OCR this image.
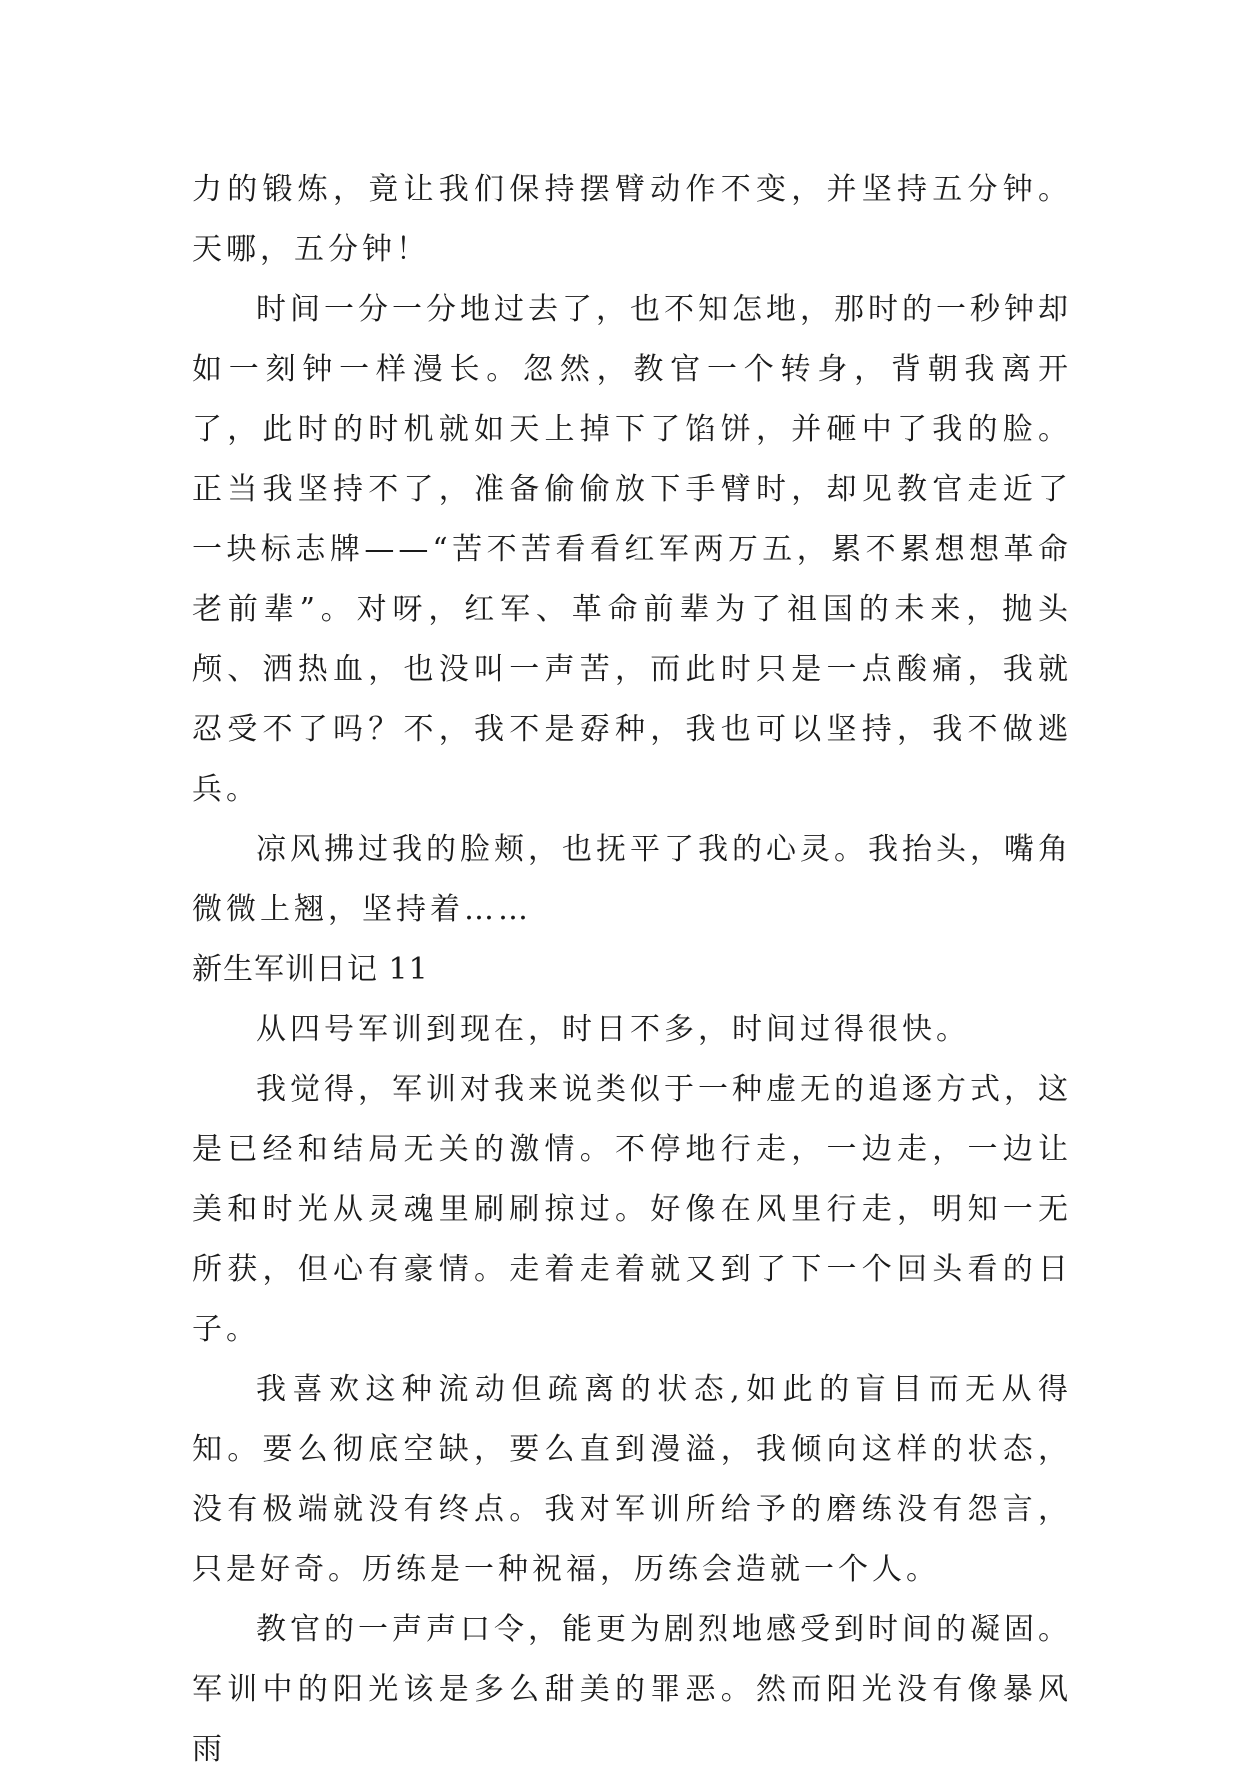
力的锻炼，竟让我们保持摆臂动作不变，并坚持五分钟。天哪，五分钟！

时间一分一分地过去了，也不知怎地，那时的一秒钟却如一刻钟一样漫长。忽然，教官一个转身，背朝我离开了，此时的时机就如天上掉下了馅饼，并砸中了我的脸。正当我坚持不了，准备偷偷放下手臂时，却见教官走近了一块标志牌——“苦不苦看看红军两万五，累不累想想革命老前辈”。对呀，红军、革命前辈为了祖国的未来，抛头颅、洒热血，也没叫一声苦，而此时只是一点酸痛，我就忍受不了吗？不，我不是孬种，我也可以坚持，我不做逃兵。

凉风拂过我的脸颊，也抚平了我的心灵。我抬头，嘴角微微上翘，坚持着……

新生军训日记 11

从四号军训到现在，时日不多，时间过得很快。

我觉得，军训对我来说类似于一种虚无的追逐方式，这是已经和结局无关的激情。不停地行走，一边走，一边让美和时光从灵魂里刷刷掠过。好像在风里行走，明知一无所获，但心有豪情。走着走着就又到了下一个回头看的日子。

我喜欢这种流动但疏离的状态,如此的盲目而无从得知。要么彻底空缺，要么直到漫溢，我倾向这样的状态，没有极端就没有终点。我对军训所给予的磨练没有怨言，只是好奇。历练是一种祝福，历练会造就一个人。

教官的一声声口令，能更为剧烈地感受到时间的凝固。军训中的阳光该是多么甜美的罪恶。然而阳光没有像暴风雨
